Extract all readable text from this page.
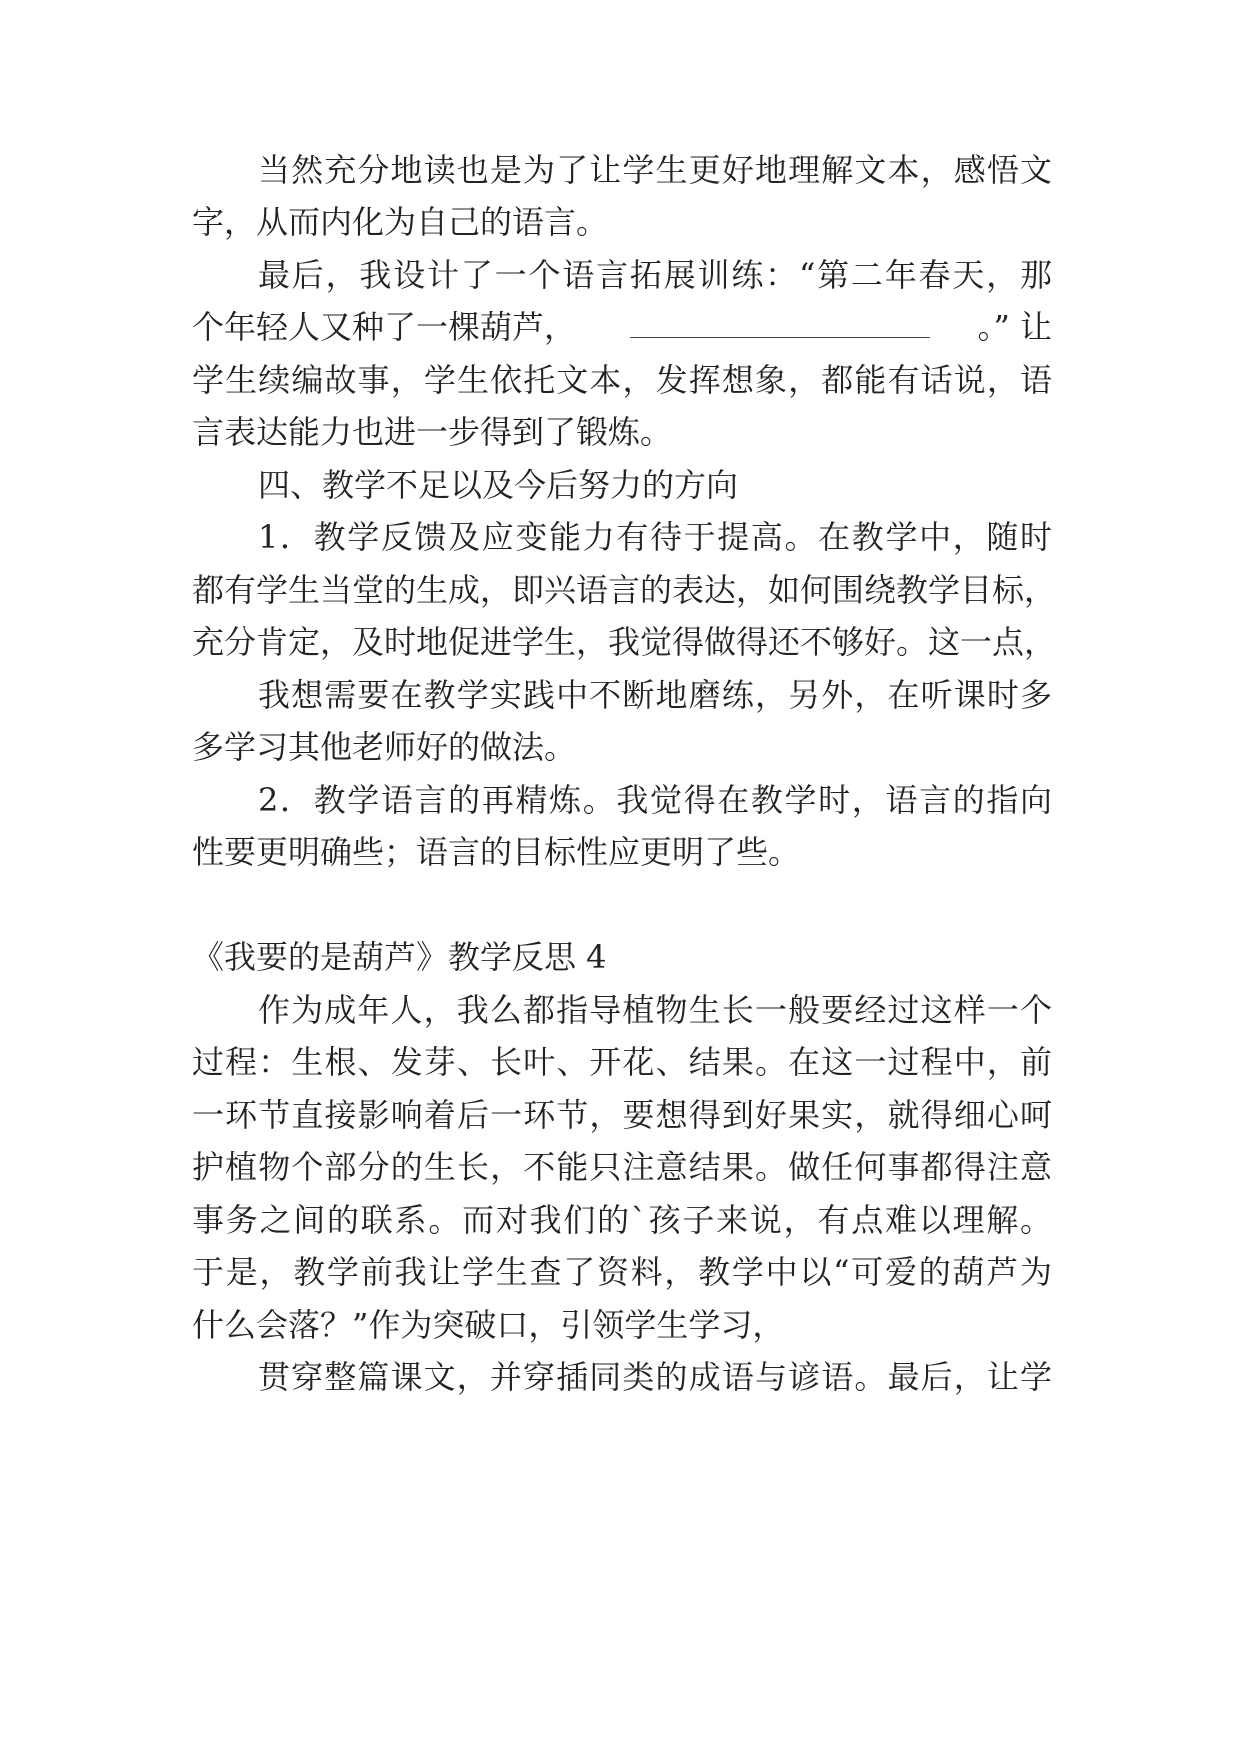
当然充分地读也是为了让学生更好地理解文本，感悟文
字，从而内化为自己的语言。
最后，我设计了一个语言拓展训练：“第二年春天，那
个年轻人又种了一棵葫芦，	。” 让
学生续编故事，学生依托文本，发挥想象，都能有话说，语
言表达能力也进一步得到了锻炼。
四、教学不足以及今后努力的方向
1．教学反馈及应变能力有待于提高。在教学中，随时
都有学生当堂的生成，即兴语言的表达，如何围绕教学目标，
充分肯定，及时地促进学生，我觉得做得还不够好。这一点，
我想需要在教学实践中不断地磨练，另外，在听课时多
多学习其他老师好的做法。
2．教学语言的再精炼。我觉得在教学时，语言的指向
性要更明确些；语言的目标性应更明了些。
《我要的是葫芦》教学反思 4
作为成年人，我么都指导植物生长一般要经过这样一个
过程：生根、发芽、长叶、开花、结果。在这一过程中，前
一环节直接影响着后一环节，要想得到好果实，就得细心呵
护植物个部分的生长，不能只注意结果。做任何事都得注意
事务之间的联系。而对我们的`孩子来说，有点难以理解。
于是，教学前我让学生查了资料，教学中以“可爱的葫芦为
什么会落？”作为突破口，引领学生学习，
贯穿整篇课文，并穿插同类的成语与谚语。最后，让学
